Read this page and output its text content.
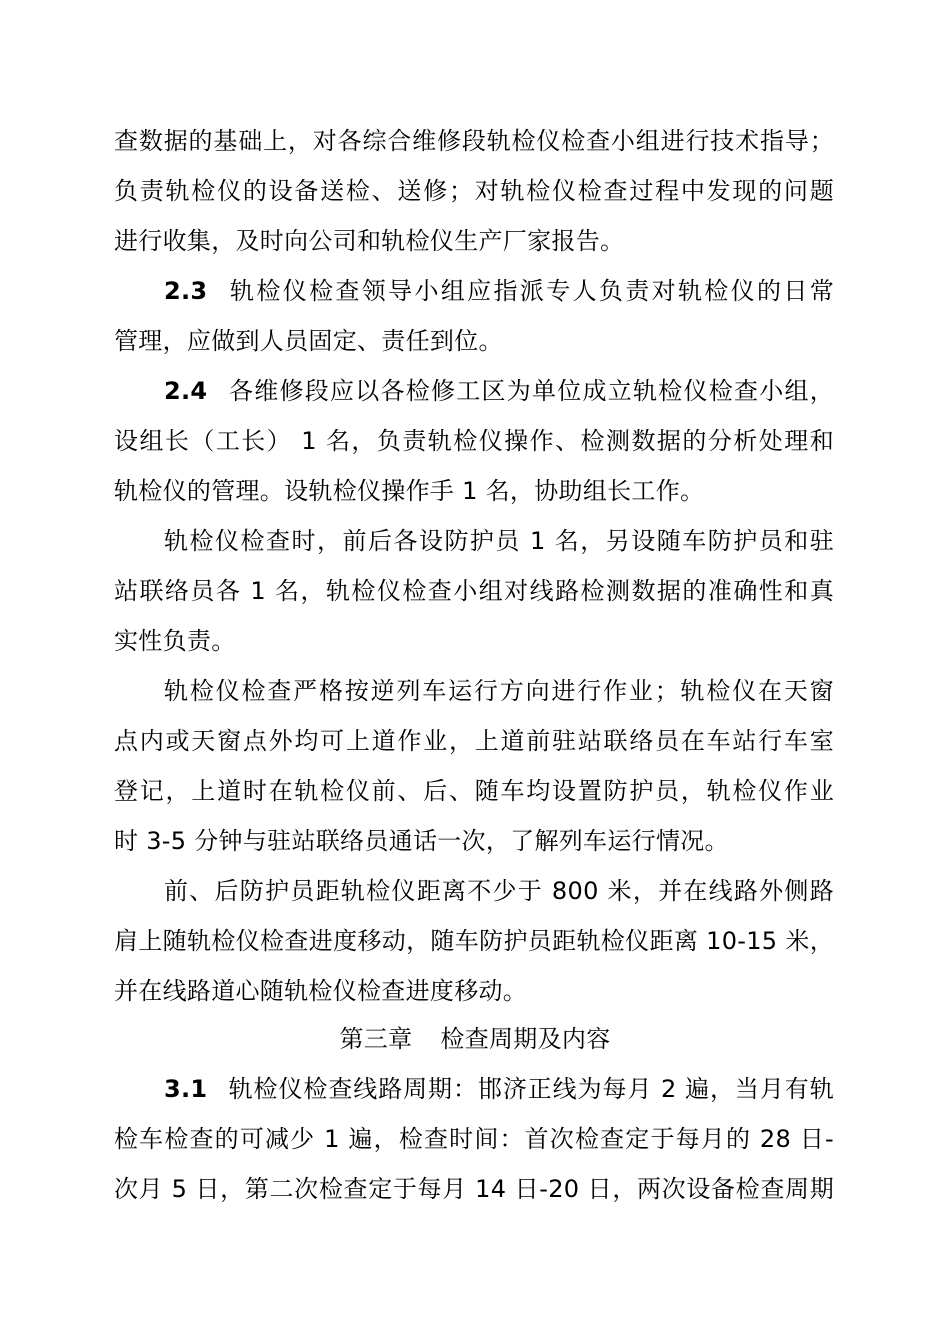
查数据的基础上，对各综合维修段轨检仪检查小组进行技术指导；
负责轨检仪的设备送检、送修；对轨检仪检查过程中发现的问题
进行收集，及时向公司和轨检仪生产厂家报告。
2.3 轨检仪检查领导小组应指派专人负责对轨检仪的日常
管理，应做到人员固定、责任到位。
2.4 各维修段应以各检修工区为单位成立轨检仪检查小组，
设组长（工长） 1 名，负责轨检仪操作、检测数据的分析处理和
轨检仪的管理。设轨检仪操作手 1 名，协助组长工作。
轨检仪检查时，前后各设防护员 1 名，另设随车防护员和驻
站联络员各 1 名，轨检仪检查小组对线路检测数据的准确性和真
实性负责。
轨检仪检查严格按逆列车运行方向进行作业；轨检仪在天窗
点内或天窗点外均可上道作业，上道前驻站联络员在车站行车室
登记，上道时在轨检仪前、后、随车均设置防护员，轨检仪作业
时 3-5 分钟与驻站联络员通话一次，了解列车运行情况。
前、后防护员距轨检仪距离不少于 800 米，并在线路外侧路
肩上随轨检仪检查进度移动，随车防护员距轨检仪距离 10-15 米，
并在线路道心随轨检仪检查进度移动。
第三章 检查周期及内容
3.1 轨检仪检查线路周期：邯济正线为每月 2 遍，当月有轨
检车检查的可减少 1 遍，检查时间：首次检查定于每月的 28 日-
次月 5 日，第二次检查定于每月 14 日-20 日，两次设备检查周期
